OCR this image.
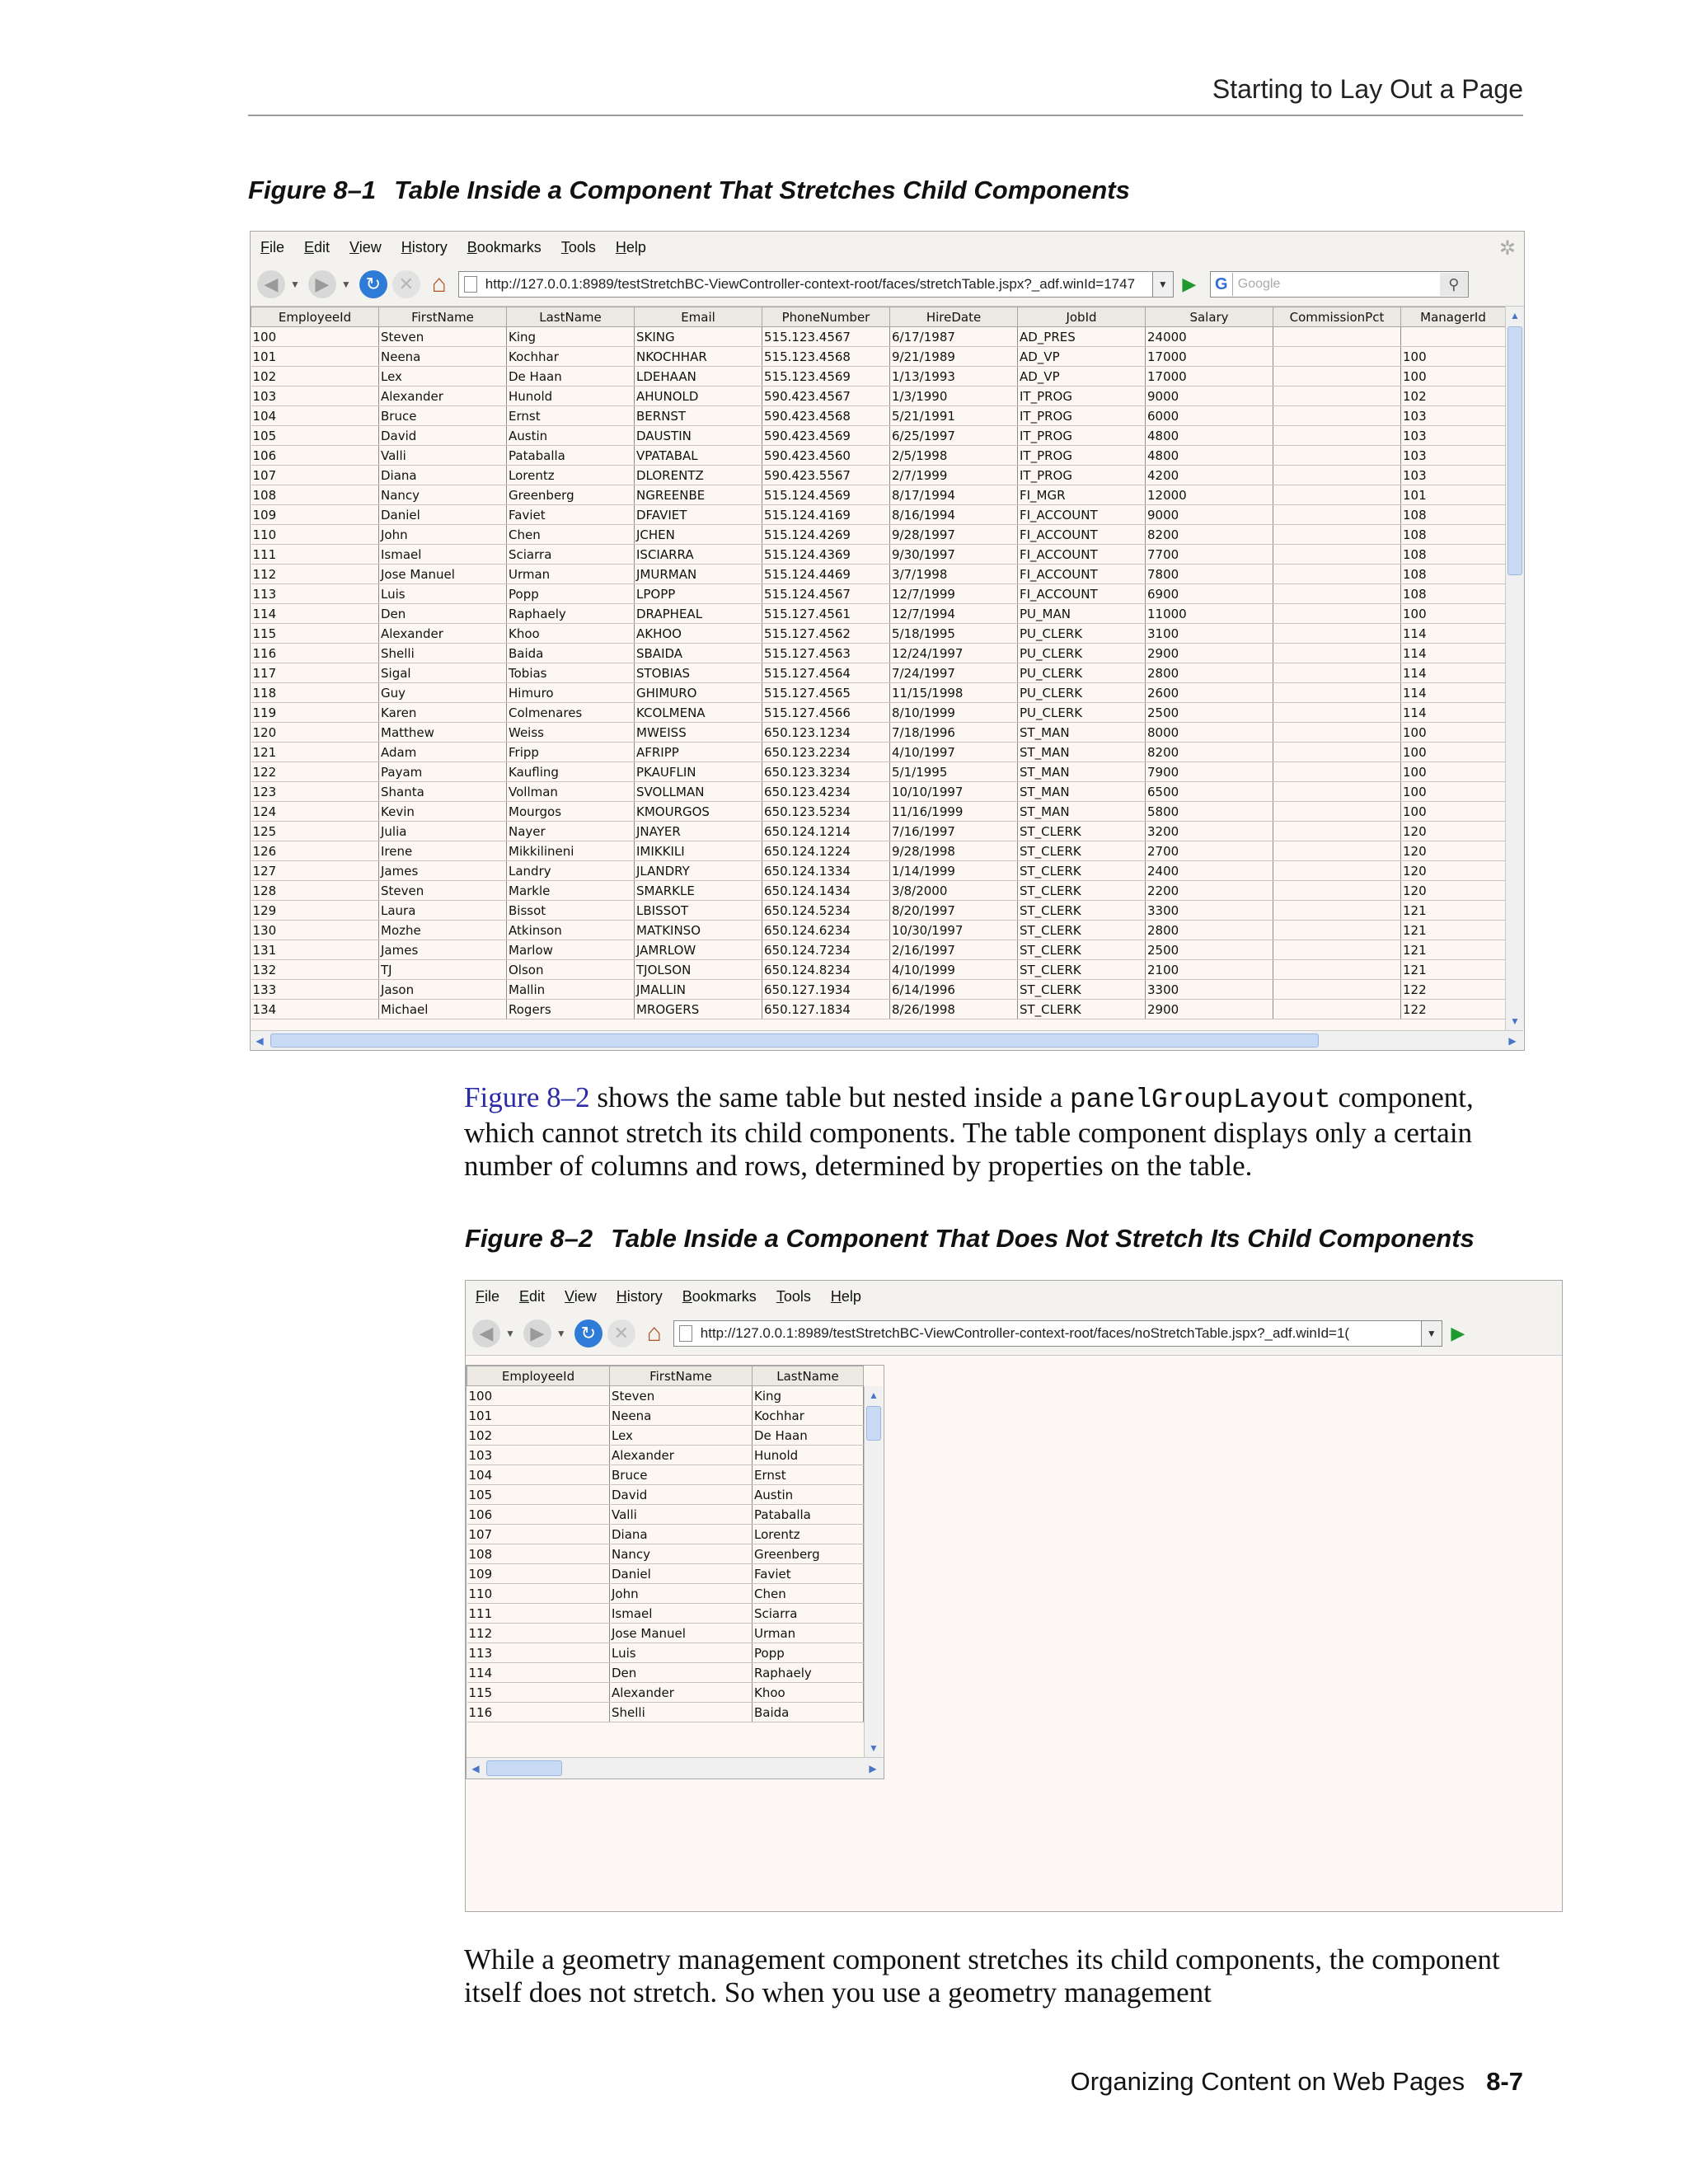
Starting to Lay Out a Page
Figure 8–1 Table Inside a Component That Stretches Child Components
File Edit View History Bookmarks Tools Help	✲
◀	▼ ▶	▼ ↻ ✕ ⌂	http://127.0.0.1:8989/testStretchBC-ViewController-context-root/faces/stretchTable.jspx?_adf.winId=1747	▼ ▶	G Google	⚲
EmployeeId	FirstName	LastName	Email	PhoneNumber	HireDate	JobId	Salary	CommissionPct	ManagerId
100	Steven	King	SKING	515.123.4567	6/17/1987	AD_PRES	24000		
101	Neena	Kochhar	NKOCHHAR	515.123.4568	9/21/1989	AD_VP	17000		100
102	Lex	De Haan	LDEHAAN	515.123.4569	1/13/1993	AD_VP	17000		100
103	Alexander	Hunold	AHUNOLD	590.423.4567	1/3/1990	IT_PROG	9000		102
104	Bruce	Ernst	BERNST	590.423.4568	5/21/1991	IT_PROG	6000		103
105	David	Austin	DAUSTIN	590.423.4569	6/25/1997	IT_PROG	4800		103
106	Valli	Pataballa	VPATABAL	590.423.4560	2/5/1998	IT_PROG	4800		103
107	Diana	Lorentz	DLORENTZ	590.423.5567	2/7/1999	IT_PROG	4200		103
108	Nancy	Greenberg	NGREENBE	515.124.4569	8/17/1994	FI_MGR	12000		101
109	Daniel	Faviet	DFAVIET	515.124.4169	8/16/1994	FI_ACCOUNT	9000		108
110	John	Chen	JCHEN	515.124.4269	9/28/1997	FI_ACCOUNT	8200		108
111	Ismael	Sciarra	ISCIARRA	515.124.4369	9/30/1997	FI_ACCOUNT	7700		108
112	Jose Manuel	Urman	JMURMAN	515.124.4469	3/7/1998	FI_ACCOUNT	7800		108
113	Luis	Popp	LPOPP	515.124.4567	12/7/1999	FI_ACCOUNT	6900		108
114	Den	Raphaely	DRAPHEAL	515.127.4561	12/7/1994	PU_MAN	11000		100
115	Alexander	Khoo	AKHOO	515.127.4562	5/18/1995	PU_CLERK	3100		114
116	Shelli	Baida	SBAIDA	515.127.4563	12/24/1997	PU_CLERK	2900		114
117	Sigal	Tobias	STOBIAS	515.127.4564	7/24/1997	PU_CLERK	2800		114
118	Guy	Himuro	GHIMURO	515.127.4565	11/15/1998	PU_CLERK	2600		114
119	Karen	Colmenares	KCOLMENA	515.127.4566	8/10/1999	PU_CLERK	2500		114
120	Matthew	Weiss	MWEISS	650.123.1234	7/18/1996	ST_MAN	8000		100
121	Adam	Fripp	AFRIPP	650.123.2234	4/10/1997	ST_MAN	8200		100
122	Payam	Kaufling	PKAUFLIN	650.123.3234	5/1/1995	ST_MAN	7900		100
123	Shanta	Vollman	SVOLLMAN	650.123.4234	10/10/1997	ST_MAN	6500		100
124	Kevin	Mourgos	KMOURGOS	650.123.5234	11/16/1999	ST_MAN	5800		100
125	Julia	Nayer	JNAYER	650.124.1214	7/16/1997	ST_CLERK	3200		120
126	Irene	Mikkilineni	IMIKKILI	650.124.1224	9/28/1998	ST_CLERK	2700		120
127	James	Landry	JLANDRY	650.124.1334	1/14/1999	ST_CLERK	2400		120
128	Steven	Markle	SMARKLE	650.124.1434	3/8/2000	ST_CLERK	2200		120
129	Laura	Bissot	LBISSOT	650.124.5234	8/20/1997	ST_CLERK	3300		121
130	Mozhe	Atkinson	MATKINSO	650.124.6234	10/30/1997	ST_CLERK	2800		121
131	James	Marlow	JAMRLOW	650.124.7234	2/16/1997	ST_CLERK	2500		121
132	TJ	Olson	TJOLSON	650.124.8234	4/10/1999	ST_CLERK	2100		121
133	Jason	Mallin	JMALLIN	650.127.1934	6/14/1996	ST_CLERK	3300		122
134	Michael	Rogers	MROGERS	650.127.1834	8/26/1998	ST_CLERK	2900		122
▲
▼
◀	▶
Figure 8–2 shows the same table but nested inside a panelGroupLayout component, which cannot stretch its child components. The table component displays only a certain number of columns and rows, determined by properties on the table.
Figure 8–2 Table Inside a Component That Does Not Stretch Its Child Components
File Edit View History Bookmarks Tools Help
◀	▼ ▶	▼ ↻ ✕ ⌂	http://127.0.0.1:8989/testStretchBC-ViewController-context-root/faces/noStretchTable.jspx?_adf.winId=1(	▼ ▶
EmployeeId	FirstName	LastName
100	Steven	King
101	Neena	Kochhar
102	Lex	De Haan
103	Alexander	Hunold
104	Bruce	Ernst
105	David	Austin
106	Valli	Pataballa
107	Diana	Lorentz
108	Nancy	Greenberg
109	Daniel	Faviet
110	John	Chen
111	Ismael	Sciarra
112	Jose Manuel	Urman
113	Luis	Popp
114	Den	Raphaely
115	Alexander	Khoo
116	Shelli	Baida
▲
▼
◀	▶
While a geometry management component stretches its child components, the component itself does not stretch. So when you use a geometry management
Organizing Content on Web Pages 8-7
